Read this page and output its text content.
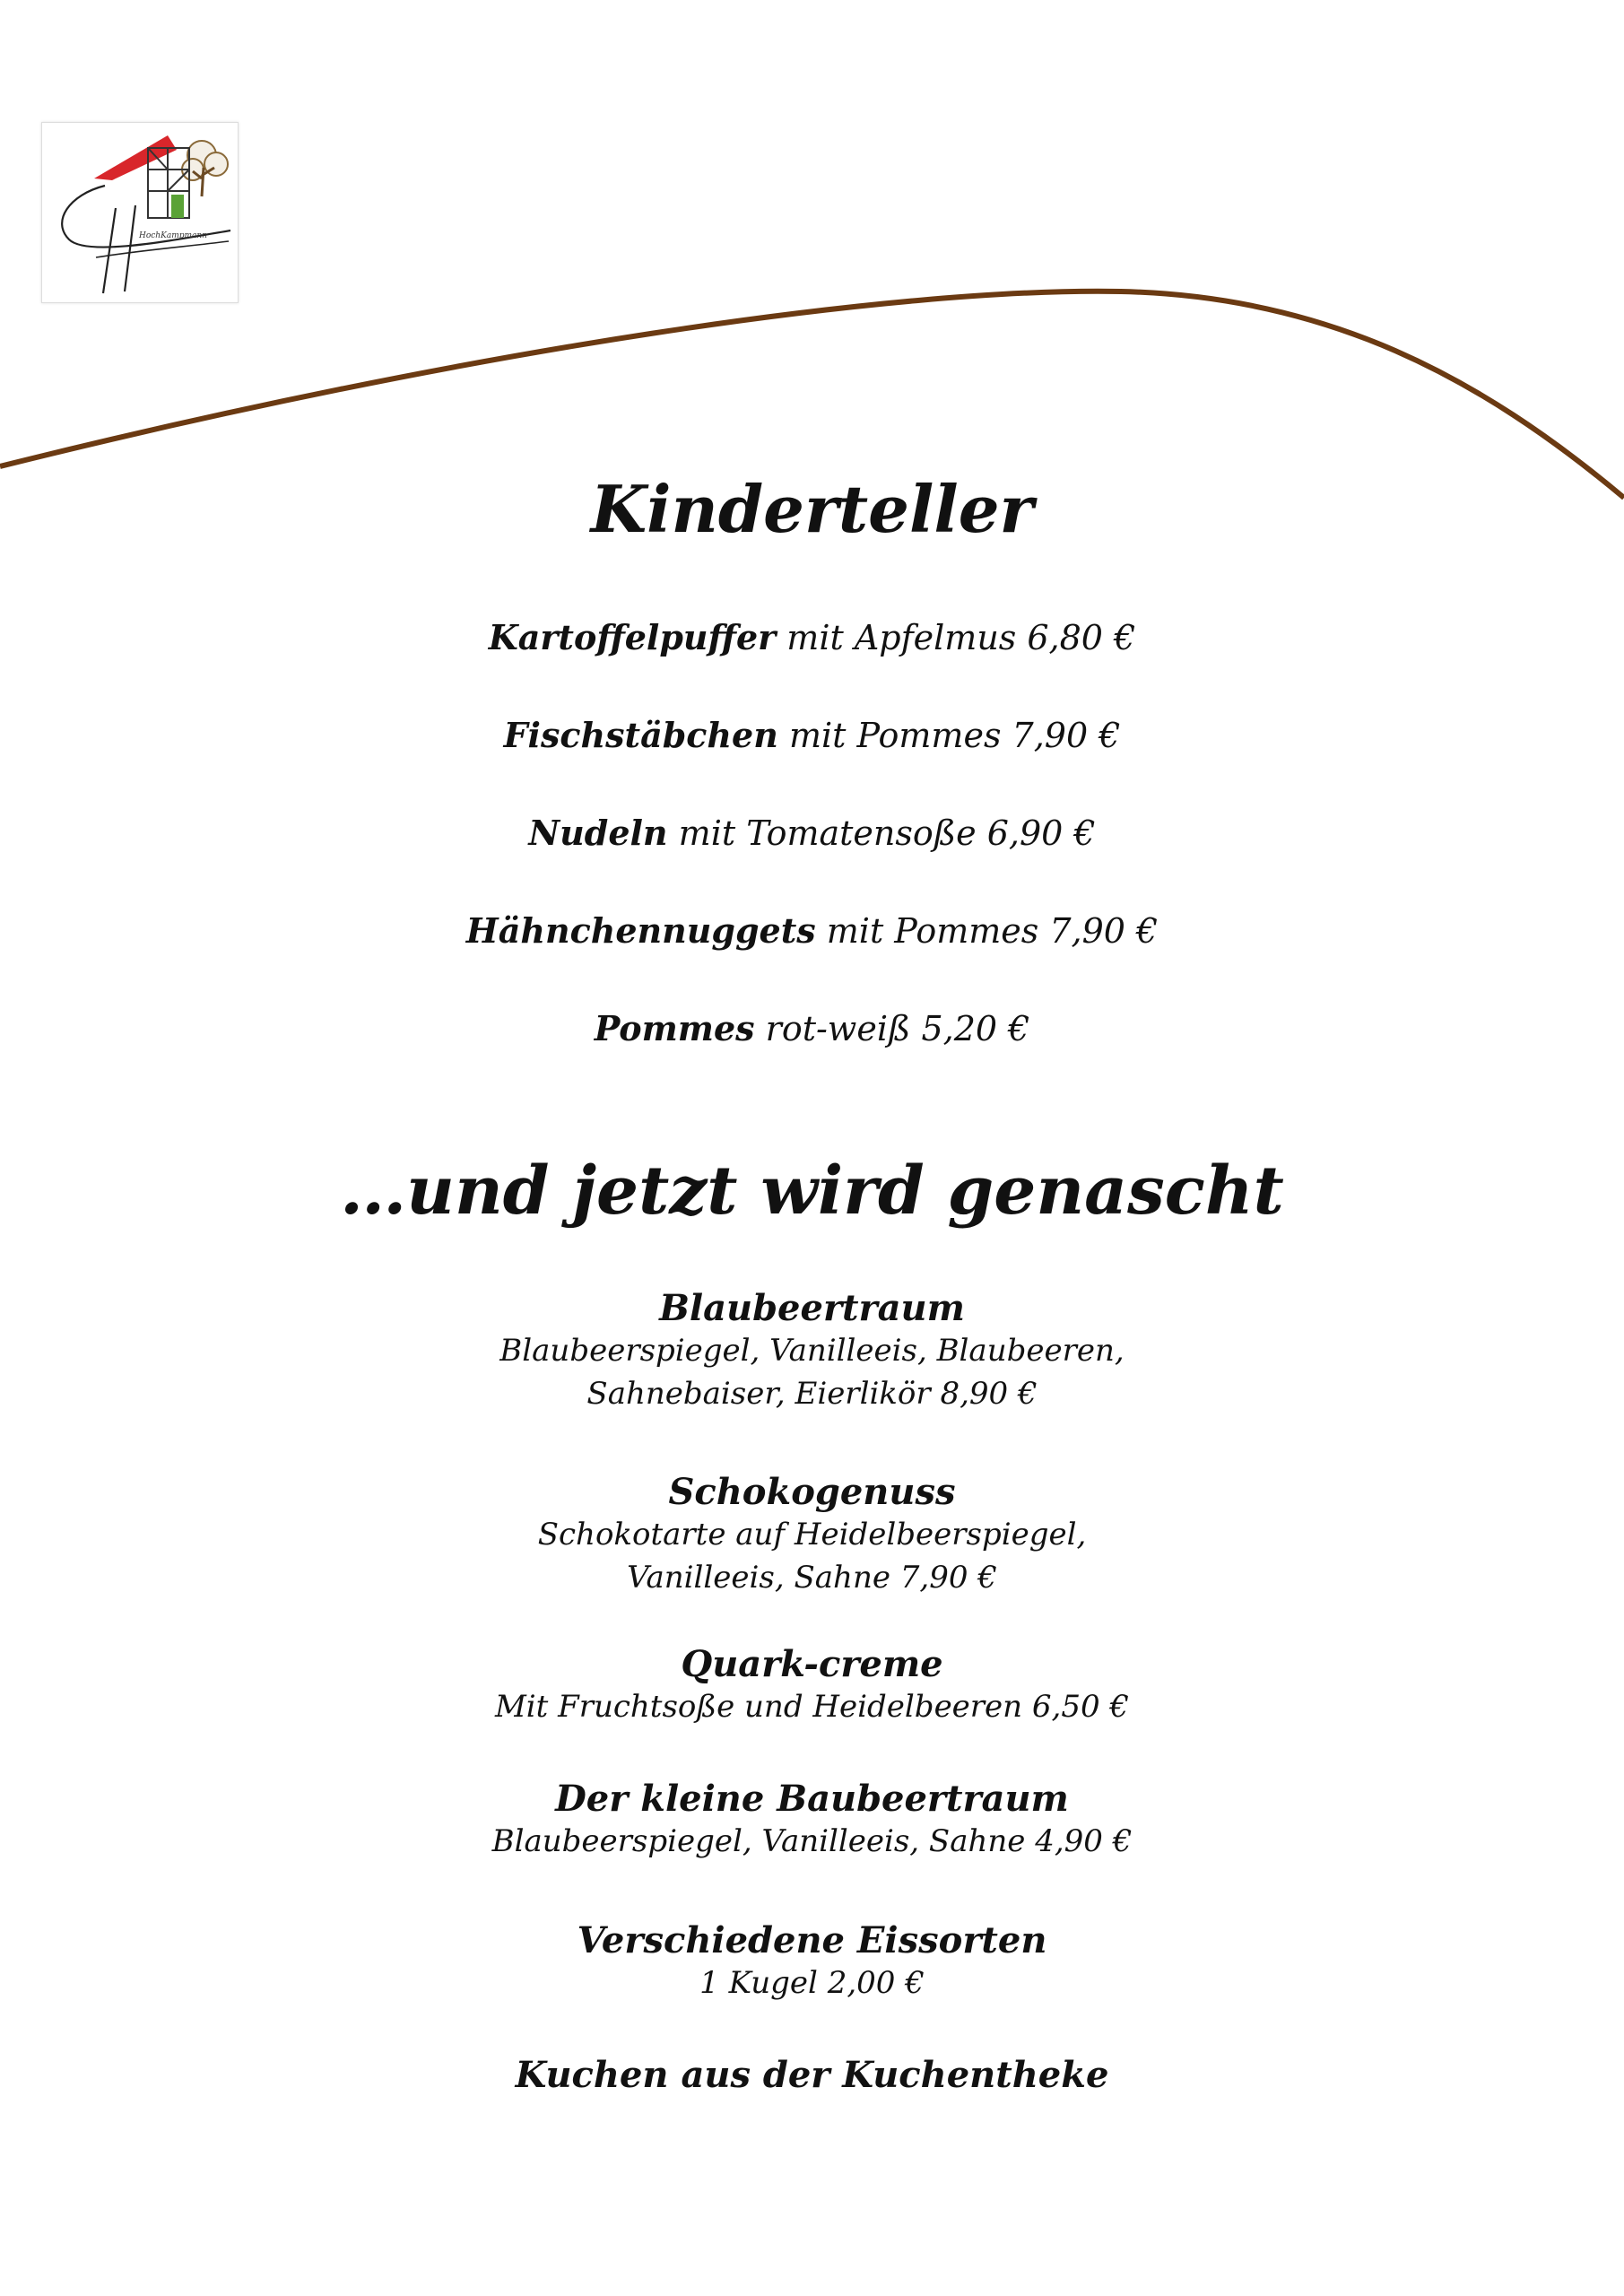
HochKampmann
Kinderteller
Kartoffelpuffer mit Apfelmus 6,80 €
Fischstäbchen mit Pommes 7,90 €
Nudeln mit Tomatensoße 6,90 €
Hähnchennuggets mit Pommes 7,90 €
Pommes rot-weiß 5,20 €
…und jetzt wird genascht
Blaubeertraum
Blaubeerspiegel, Vanilleeis, Blaubeeren,
Sahnebaiser, Eierlikör 8,90 €
Schokogenuss
Schokotarte auf Heidelbeerspiegel,
Vanilleeis, Sahne 7,90 €
Quark-creme
Mit Fruchtsoße und Heidelbeeren 6,50 €
Der kleine Baubeertraum
Blaubeerspiegel, Vanilleeis, Sahne 4,90 €
Verschiedene Eissorten
1 Kugel 2,00 €
Kuchen aus der Kuchentheke
